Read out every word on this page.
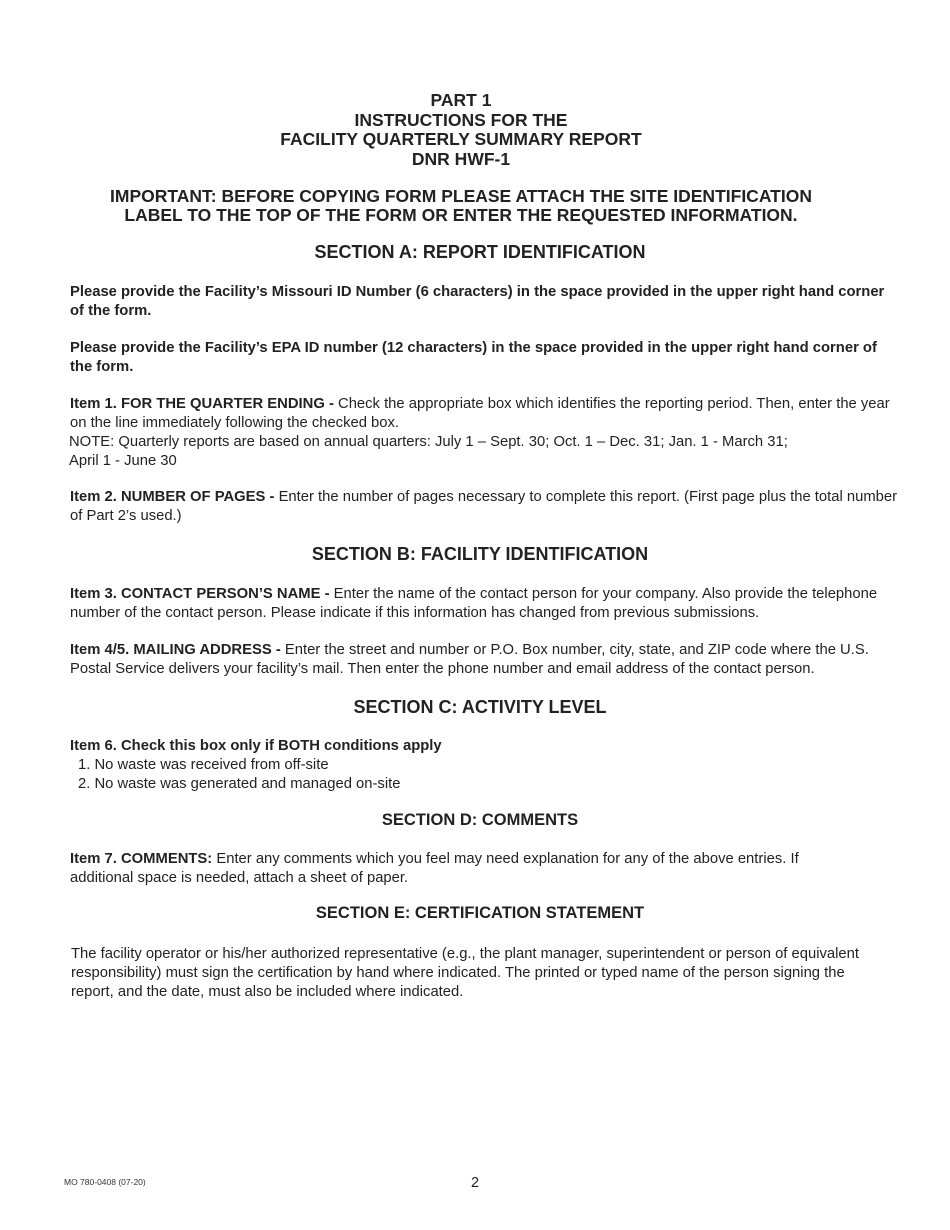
PART 1
INSTRUCTIONS FOR THE
FACILITY QUARTERLY SUMMARY REPORT
DNR HWF-1
IMPORTANT: BEFORE COPYING FORM PLEASE ATTACH THE SITE IDENTIFICATION
LABEL TO THE TOP OF THE FORM OR ENTER THE REQUESTED INFORMATION.
SECTION A: REPORT IDENTIFICATION

Please provide the Facility’s Missouri ID Number (6 characters) in the space provided in the upper right hand corner of the form.

Please provide the Facility’s EPA ID number (12 characters) in the space provided in the upper right hand corner of the form.

Item 1. FOR THE QUARTER ENDING - Check the appropriate box which identifies the reporting period. Then, enter the year on the line immediately following the checked box.

NOTE: Quarterly reports are based on annual quarters: July 1 – Sept. 30; Oct. 1 – Dec. 31; Jan. 1 - March 31;
April 1 - June 30

Item 2. NUMBER OF PAGES - Enter the number of pages necessary to complete this report. (First page plus the total number of Part 2’s used.)

SECTION B: FACILITY IDENTIFICATION

Item 3. CONTACT PERSON’S NAME - Enter the name of the contact person for your company. Also provide the telephone number of the contact person. Please indicate if this information has changed from previous submissions.

Item 4/5. MAILING ADDRESS - Enter the street and number or P.O. Box number, city, state, and ZIP code where the U.S. Postal Service delivers your facility’s mail. Then enter the phone number and email address of the contact person.

SECTION C: ACTIVITY LEVEL

Item 6. Check this box only if BOTH conditions apply
1. No waste was received from off-site
2. No waste was generated and managed on-site

SECTION D: COMMENTS

Item 7. COMMENTS: Enter any comments which you feel may need explanation for any of the above entries. If additional space is needed, attach a sheet of paper.

SECTION E: CERTIFICATION STATEMENT

The facility operator or his/her authorized representative (e.g., the plant manager, superintendent or person of equivalent responsibility) must sign the certification by hand where indicated. The printed or typed name of the person signing the report, and the date, must also be included where indicated.

MO 780-0408 (07-20)	2
